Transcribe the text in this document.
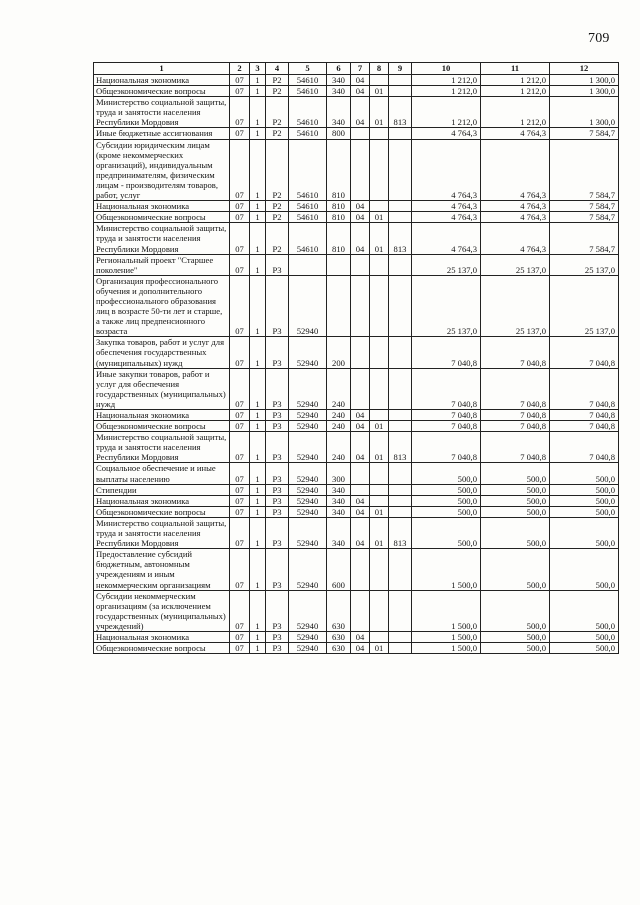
709
1	2	3	4	5	6	7	8	9	10	11	12
Национальная экономика	07	1	Р2	54610	340	04			1 212,0	1 212,0	1 300,0
Общеэкономические вопросы	07	1	Р2	54610	340	04	01		1 212,0	1 212,0	1 300,0
Министерство социальной защиты, труда и занятости населения Республики Мордовия	07	1	Р2	54610	340	04	01	813	1 212,0	1 212,0	1 300,0
Иные бюджетные ассигнования	07	1	Р2	54610	800				4 764,3	4 764,3	7 584,7
Субсидии юридическим лицам (кроме некоммерческих организаций), индивидуальным предпринимателям, физическим лицам - производителям товаров, работ, услуг	07	1	Р2	54610	810				4 764,3	4 764,3	7 584,7
Национальная экономика	07	1	Р2	54610	810	04			4 764,3	4 764,3	7 584,7
Общеэкономические вопросы	07	1	Р2	54610	810	04	01		4 764,3	4 764,3	7 584,7
Министерство социальной защиты, труда и занятости населения Республики Мордовия	07	1	Р2	54610	810	04	01	813	4 764,3	4 764,3	7 584,7
Региональный проект "Старшее поколение"	07	1	Р3						25 137,0	25 137,0	25 137,0
Организация профессионального обучения и дополнительного профессионального образования лиц в возрасте 50-ти лет и старше, а также лиц предпенсионного возраста	07	1	Р3	52940					25 137,0	25 137,0	25 137,0
Закупка товаров, работ и услуг для обеспечения государственных (муниципальных) нужд	07	1	Р3	52940	200				7 040,8	7 040,8	7 040,8
Иные закупки товаров, работ и услуг для обеспечения государственных (муниципальных) нужд	07	1	Р3	52940	240				7 040,8	7 040,8	7 040,8
Национальная экономика	07	1	Р3	52940	240	04			7 040,8	7 040,8	7 040,8
Общеэкономические вопросы	07	1	Р3	52940	240	04	01		7 040,8	7 040,8	7 040,8
Министерство социальной защиты, труда и занятости населения Республики Мордовия	07	1	Р3	52940	240	04	01	813	7 040,8	7 040,8	7 040,8
Социальное обеспечение и иные выплаты населению	07	1	Р3	52940	300				500,0	500,0	500,0
Стипендии	07	1	Р3	52940	340				500,0	500,0	500,0
Национальная экономика	07	1	Р3	52940	340	04			500,0	500,0	500,0
Общеэкономические вопросы	07	1	Р3	52940	340	04	01		500,0	500,0	500,0
Министерство социальной защиты, труда и занятости населения Республики Мордовия	07	1	Р3	52940	340	04	01	813	500,0	500,0	500,0
Предоставление субсидий бюджетным, автономным учреждениям и иным некоммерческим организациям	07	1	Р3	52940	600				1 500,0	500,0	500,0
Субсидии некоммерческим организациям (за исключением государственных (муниципальных) учреждений)	07	1	Р3	52940	630				1 500,0	500,0	500,0
Национальная экономика	07	1	Р3	52940	630	04			1 500,0	500,0	500,0
Общеэкономические вопросы	07	1	Р3	52940	630	04	01		1 500,0	500,0	500,0
